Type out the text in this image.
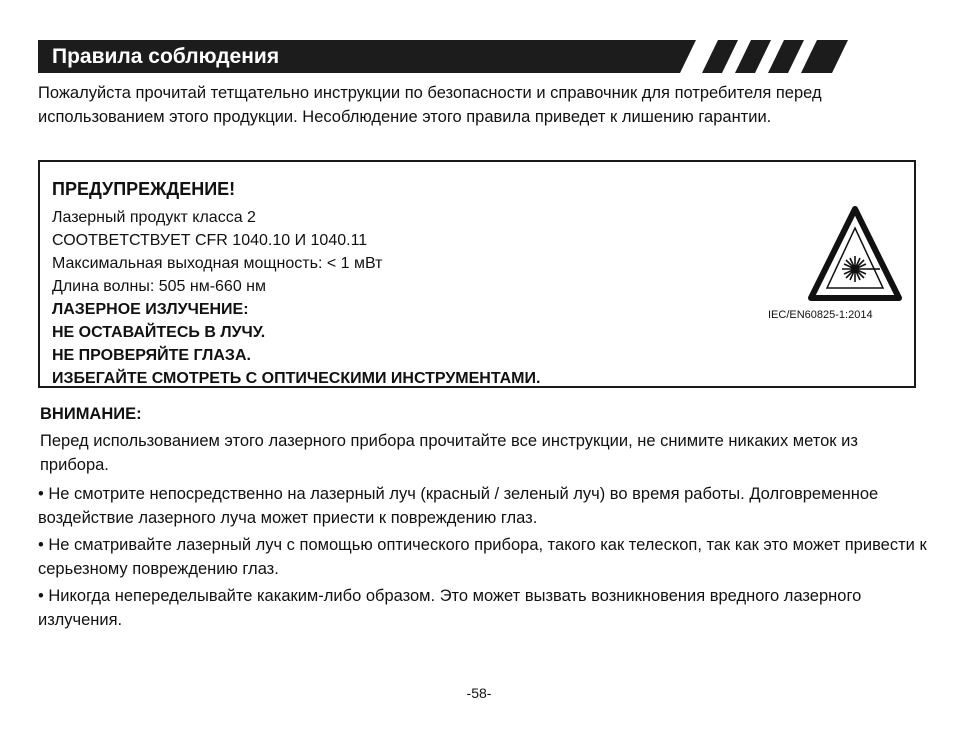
Правила соблюдения
Пожалуйста прочитай тетщательно инструкции по безопасности и справочник для потребителя перед использованием этого продукции. Несоблюдение этого правила приведет к лишению гарантии.
ПРЕДУПРЕЖДЕНИЕ!
Лазерный продукт класса 2
СООТВЕТСТВУЕТ CFR 1040.10 И 1040.11
Максимальная выходная мощность: < 1 мВт
Длина волны: 505 нм-660 нм
ЛАЗЕРНОЕ ИЗЛУЧЕНИЕ:
НЕ ОСТАВАЙТЕСЬ В ЛУЧУ.
НЕ ПРОВЕРЯЙТЕ ГЛАЗА.
ИЗБЕГАЙТЕ СМОТРЕТЬ С ОПТИЧЕСКИМИ ИНСТРУМЕНТАМИ.
IEC/EN60825-1:2014
ВНИМАНИЕ:
Перед использованием этого лазерного прибора прочитайте все инструкции, не снимите никаких меток из прибора.
• Не смотрите непосредственно на лазерный луч (красный / зеленый луч) во время работы. Долговременное воздействие лазерного луча может приести к повреждению глаз.
• Не сматривайте лазерный луч с помощью оптического прибора, такого как телескоп, так как это может привести к серьезному повреждению глаз.
• Никогда непеределывайте какаким-либо образом. Это может вызвать возникновения вредного лазерного излучения.
-58-
